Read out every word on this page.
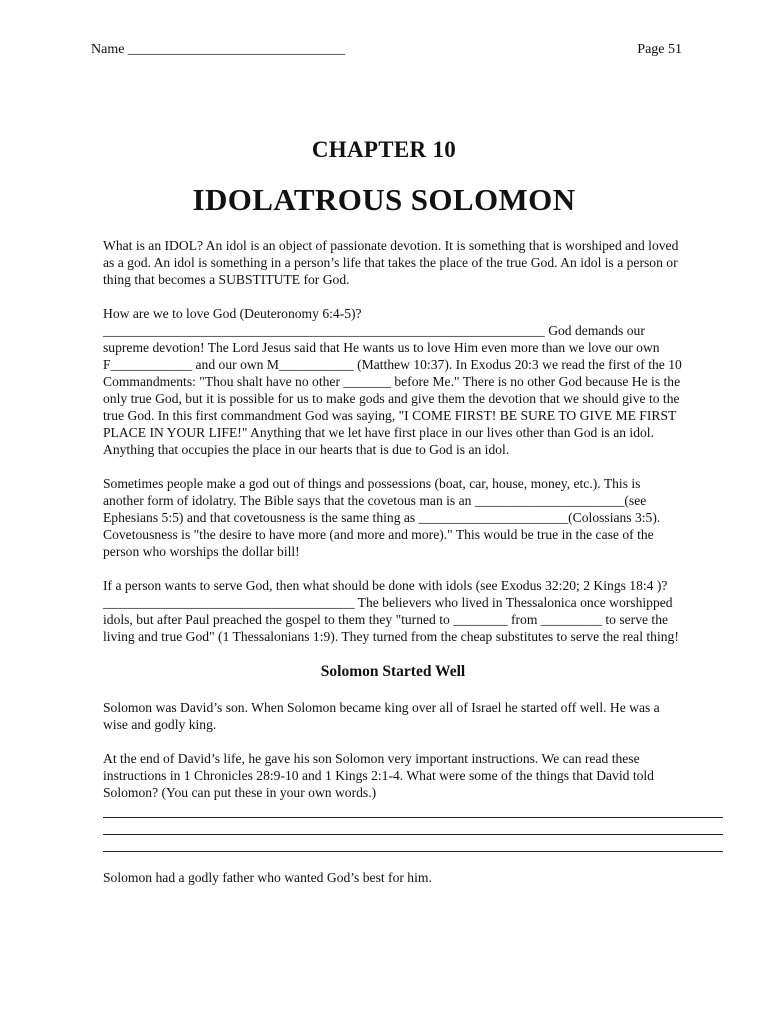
Name _______________________________	Page 51
CHAPTER 10
IDOLATROUS SOLOMON

What is an IDOL? An idol is an object of passionate devotion. It is something that is worshiped and loved as a god. An idol is something in a person’s life that takes the place of the true God. An idol is a person or thing that becomes a SUBSTITUTE for God.

How are we to love God (Deuteronomy 6:4-5)?

_________________________________________________________________ God demands our supreme devotion! The Lord Jesus said that He wants us to love Him even more than we love our own F____________ and our own M___________ (Matthew 10:37). In Exodus 20:3 we read the first of the 10 Commandments: "Thou shalt have no other _______ before Me." There is no other God because He is the only true God, but it is possible for us to make gods and give them the devotion that we should give to the true God. In this first commandment God was saying, "I COME FIRST! BE SURE TO GIVE ME FIRST PLACE IN YOUR LIFE!" Anything that we let have first place in our lives other than God is an idol. Anything that occupies the place in our hearts that is due to God is an idol.

Sometimes people make a god out of things and possessions (boat, car, house, money, etc.). This is another form of idolatry. The Bible says that the covetous man is an ______________________(see Ephesians 5:5) and that covetousness is the same thing as ______________________(Colossians 3:5). Covetousness is "the desire to have more (and more and more)." This would be true in the case of the person who worships the dollar bill!

If a person wants to serve God, then what should be done with idols (see Exodus 32:20; 2 Kings 18:4 )? _____________________________________ The believers who lived in Thessalonica once worshipped idols, but after Paul preached the gospel to them they "turned to ________ from _________ to serve the living and true God" (1 Thessalonians 1:9). They turned from the cheap substitutes to serve the real thing!

Solomon Started Well

Solomon was David’s son. When Solomon became king over all of Israel he started off well. He was a wise and godly king.

At the end of David’s life, he gave his son Solomon very important instructions. We can read these instructions in 1 Chronicles 28:9-10 and 1 Kings 2:1-4. What were some of the things that David told Solomon? (You can put these in your own words.)

Solomon had a godly father who wanted God’s best for him.
